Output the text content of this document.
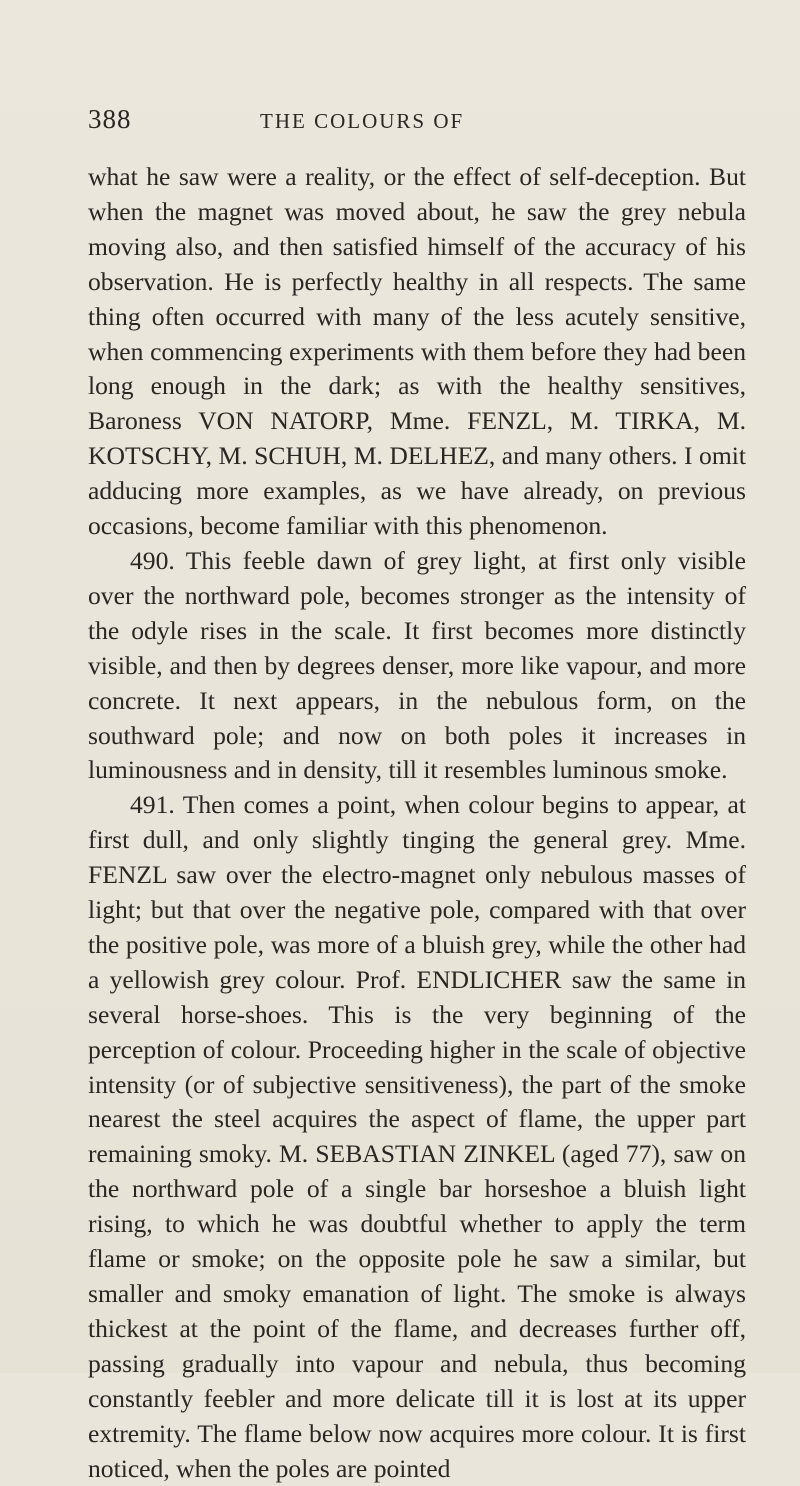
388	THE COLOURS OF

what he saw were a reality, or the effect of self-deception. But when the magnet was moved about, he saw the grey nebula moving also, and then satisfied himself of the accuracy of his observation. He is perfectly healthy in all respects. The same thing often occurred with many of the less acutely sensitive, when commencing experiments with them before they had been long enough in the dark; as with the healthy sensitives, Baroness VON NATORP, Mme. FENZL, M. TIRKA, M. KOTSCHY, M. SCHUH, M. DELHEZ, and many others. I omit adducing more examples, as we have already, on previous occasions, become familiar with this phenomenon.

490. This feeble dawn of grey light, at first only visible over the northward pole, becomes stronger as the intensity of the odyle rises in the scale. It first becomes more distinctly visible, and then by degrees denser, more like vapour, and more concrete. It next appears, in the nebulous form, on the southward pole; and now on both poles it increases in luminousness and in density, till it resembles luminous smoke.

491. Then comes a point, when colour begins to appear, at first dull, and only slightly tinging the general grey. Mme. FENZL saw over the electro-magnet only nebulous masses of light; but that over the negative pole, compared with that over the positive pole, was more of a bluish grey, while the other had a yellowish grey colour. Prof. ENDLICHER saw the same in several horse-shoes. This is the very beginning of the perception of colour. Proceeding higher in the scale of objective intensity (or of subjective sensitiveness), the part of the smoke nearest the steel acquires the aspect of flame, the upper part remaining smoky. M. SEBASTIAN ZINKEL (aged 77), saw on the northward pole of a single bar horseshoe a bluish light rising, to which he was doubtful whether to apply the term flame or smoke; on the opposite pole he saw a similar, but smaller and smoky emanation of light. The smoke is always thickest at the point of the flame, and decreases further off, passing gradually into vapour and nebula, thus becoming constantly feebler and more delicate till it is lost at its upper extremity. The flame below now acquires more colour. It is first noticed, when the poles are pointed
